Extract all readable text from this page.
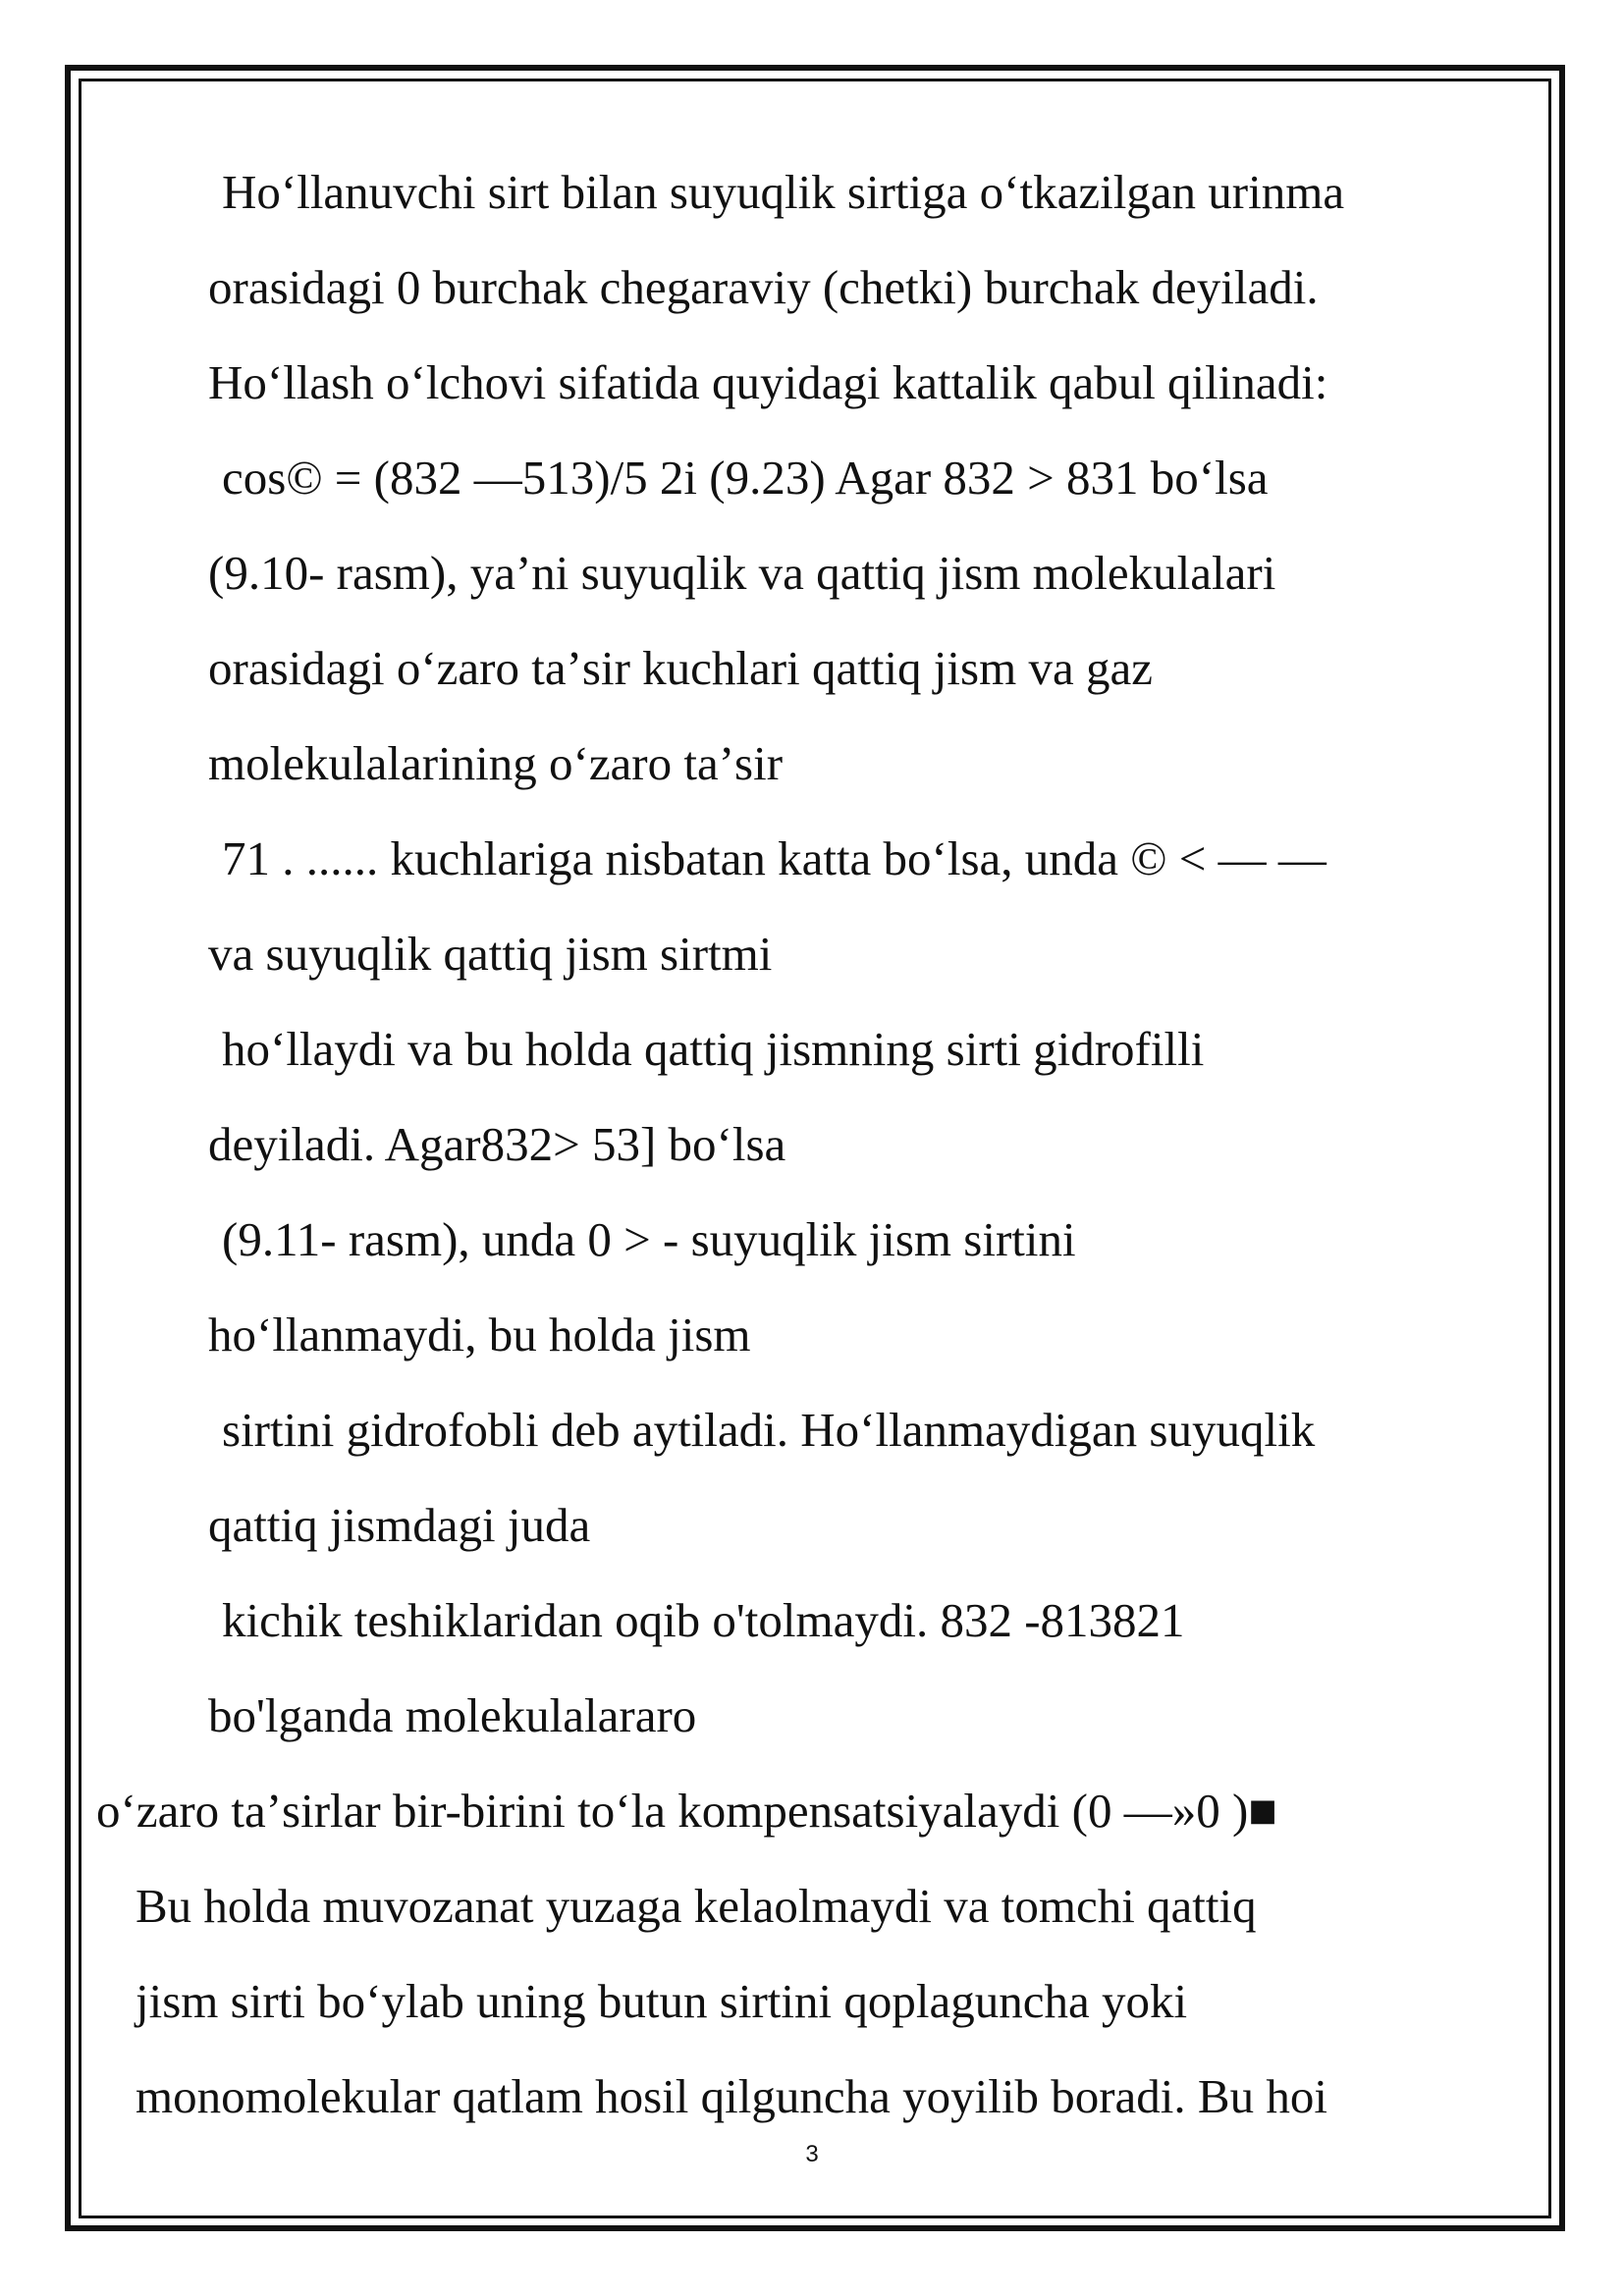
Hoʻllanuvchi sirt bilan suyuqlik sirtiga oʻtkazilgan urinma
orasidagi 0 burchak chegaraviy (chetki) burchak deyiladi.
Hoʻllash oʻlchovi sifatida quyidagi kattalik qabul qilinadi:
cos© = (832 —513)/5 2i (9.23) Agar 832 > 831 boʻlsa
(9.10- rasm), yaʼni suyuqlik va qattiq jism molekulalari
orasidagi oʻzaro taʼsir kuchlari qattiq jism va gaz
molekulalarining oʻzaro taʼsir
71 . ...... kuchlariga nisbatan katta boʻlsa, unda © < — —
va suyuqlik qattiq jism sirtmi
hoʻllaydi va bu holda qattiq jismning sirti gidrofilli
deyiladi. Agar832> 53] boʻlsa
(9.11- rasm), unda 0 > - suyuqlik jism sirtini
hoʻllanmaydi, bu holda jism
sirtini gidrofobli deb aytiladi. Hoʻllanmaydigan suyuqlik
qattiq jismdagi juda
kichik teshiklaridan oqib o'tolmaydi. 832 -813821
bo'lganda molekulalararo
oʻzaro taʼsirlar bir-birini toʻla kompensatsiyalaydi (0 —»0 )■
Bu holda muvozanat yuzaga kelaolmaydi va tomchi qattiq
jism sirti boʻylab uning butun sirtini qoplaguncha yoki
monomolekular qatlam hosil qilguncha yoyilib boradi. Bu hoi
3
